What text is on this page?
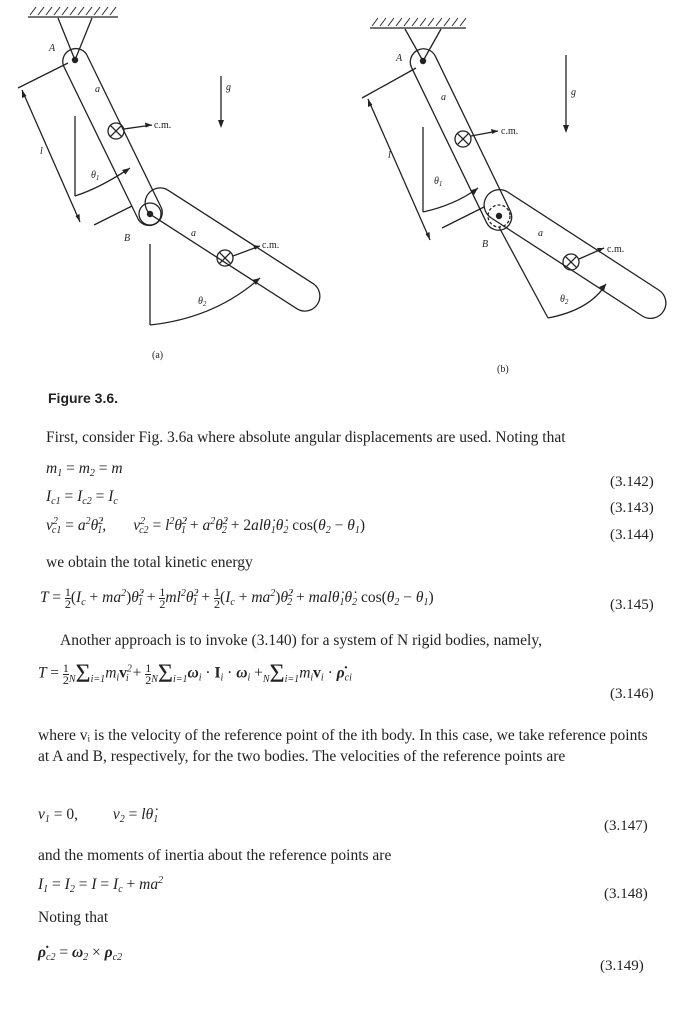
A
a
c.m.
$\theta_1$
l
B	a
c.m.
$\theta_2$
g
(a)
A
a
c.m.
$\theta_1$
l
B
a
c.m.
$\theta_2$
g
(b)
Figure 3.6.
First, consider Fig. 3.6a where absolute angular displacements are used. Noting that
$m_1 = m_2 = m$
(3.142)
$I_{c1} = I_{c2} = I_c$	(3.143)
$v^2_{c1}$ = $a^2\thetȧ^2_1$,       $v^2_{c2}$ = $l^2\thetȧ^2_1$ + $a^2\thetȧ^2_2$ + $2al\thetȧ_1\thetȧ_2$ $\cos(\theta_2 - \theta_1)$
(3.144)
we obtain the total kinetic energy
$T = \frac{1}{2} (I_c$ + $ma^2)\thetȧ^2_1 + \frac{1}{2}$ $ml^2\thetȧ^2_1 + \frac{1}{2} (I_c$ + $ma^2)\thetȧ^2_2$ + $mal\thetȧ_1\thetȧ_2$ $\cos(\theta_2 - \theta_1)$	(3.145)
Another approach is to invoke (3.140) for a system of N rigid bodies, namely,
$T = \frac{1}{2} N\Sigma i=1m_iv^2_i + \frac{1}{2} N\Sigma i=1\omega_i \cdot I_i \cdot \omega_i +N\Sigma i=1m_iv_i$ · $\rhȯ_{ci}$
(3.146)
where vᵢ is the velocity of the reference point of the ith body. In this case, we take reference points at A and B, respectively, for the two bodies. The velocities of the reference points are
$v_1 = 0$,         $v_2$ = $l\thetȧ_1$	(3.147)
and the moments of inertia about the reference points are
$I_1 = I_2 = I = I_c + ma^2$
(3.148)
Noting that
$\rhȯ_{c2} = \omega_2 \times \rho_{c2}$
(3.149)
